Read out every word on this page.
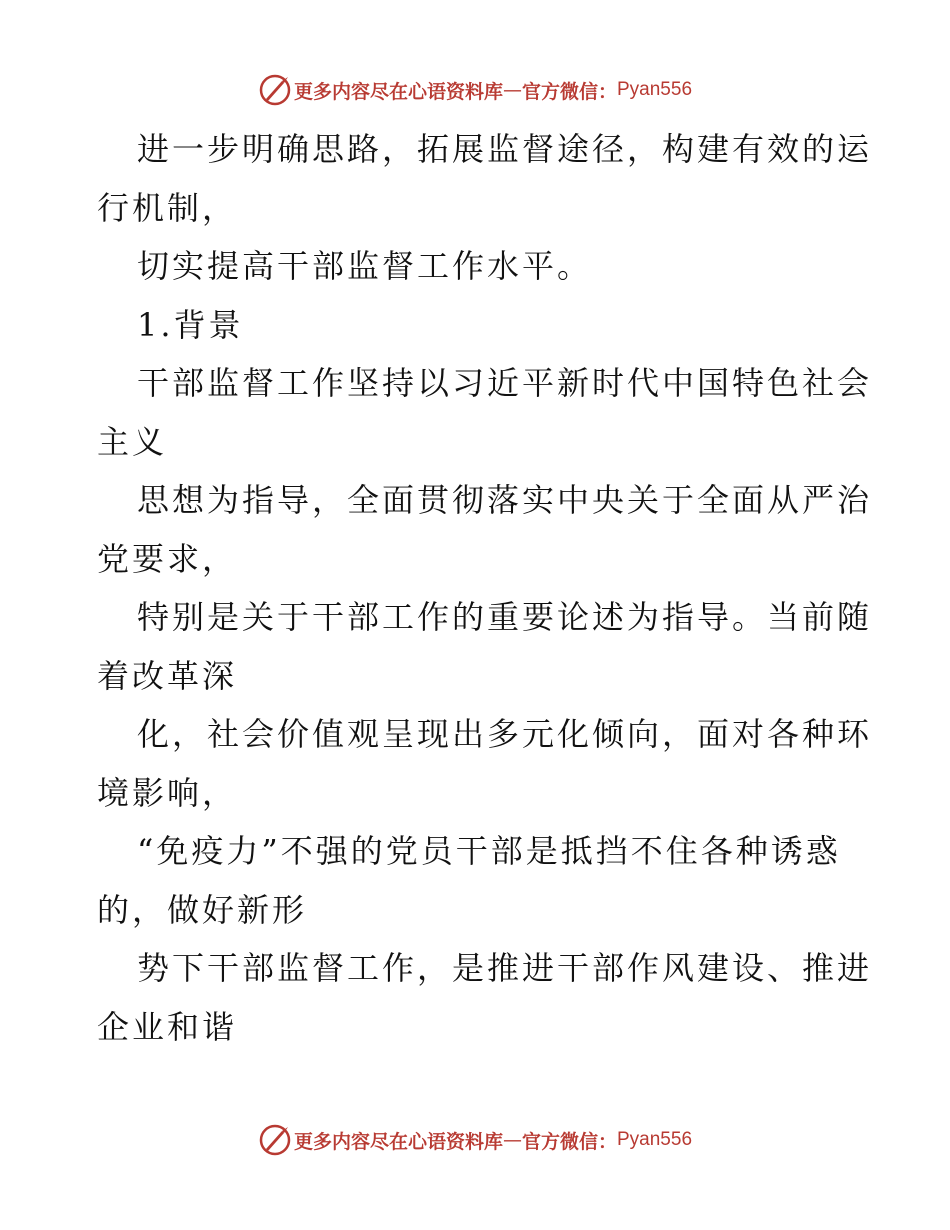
更多内容尽在心语资料库 — 官方微信： Pyan556
进一步明确思路，拓展监督途径，构建有效的运
行机制，
切实提高干部监督工作水平。
1.背景
干部监督工作坚持以习近平新时代中国特色社会
主义
思想为指导，全面贯彻落实中央关于全面从严治
党要求，
特别是关于干部工作的重要论述为指导。当前随
着改革深
化，社会价值观呈现出多元化倾向，面对各种环
境影响，
“免疫力”不强的党员干部是抵挡不住各种诱惑
的，做好新形
势下干部监督工作，是推进干部作风建设、推进
企业和谐
更多内容尽在心语资料库 — 官方微信： Pyan556
